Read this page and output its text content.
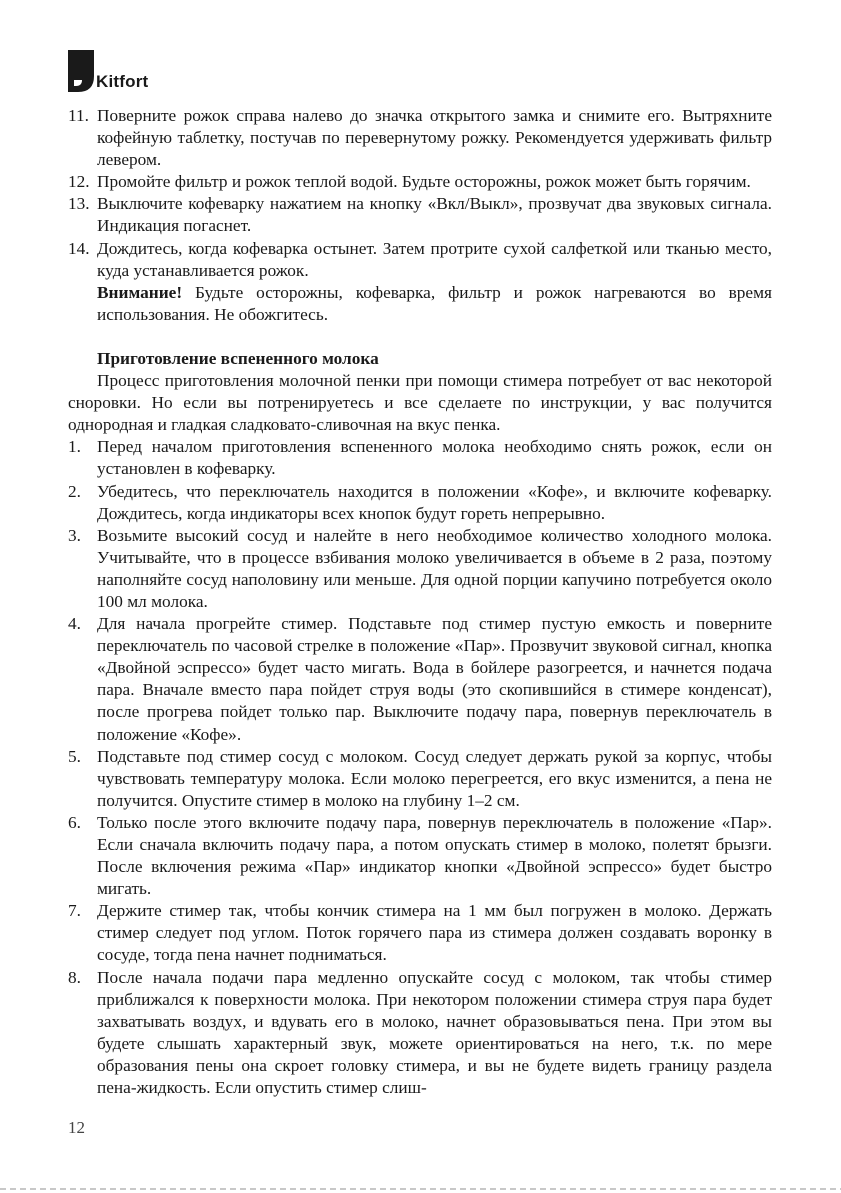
Kitfort
11. Поверните рожок справа налево до значка открытого замка и снимите его. Вытряхните кофейную таблетку, постучав по перевернутому рожку. Рекомендуется удерживать фильтр левером.
12. Промойте фильтр и рожок теплой водой. Будьте осторожны, рожок может быть горячим.
13. Выключите кофеварку нажатием на кнопку «Вкл/Выкл», прозвучат два звуковых сигнала. Индикация погаснет.
14. Дождитесь, когда кофеварка остынет. Затем протрите сухой салфеткой или тканью место, куда устанавливается рожок.
Внимание! Будьте осторожны, кофеварка, фильтр и рожок нагреваются во время использования. Не обожгитесь.
Приготовление вспененного молока
Процесс приготовления молочной пенки при помощи стимера потребует от вас некоторой сноровки. Но если вы потренируетесь и все сделаете по инструкции, у вас получится однородная и гладкая сладковато-сливочная на вкус пенка.
1. Перед началом приготовления вспененного молока необходимо снять рожок, если он установлен в кофеварку.
2. Убедитесь, что переключатель находится в положении «Кофе», и включите кофеварку. Дождитесь, когда индикаторы всех кнопок будут гореть непрерывно.
3. Возьмите высокий сосуд и налейте в него необходимое количество холодного молока. Учитывайте, что в процессе взбивания молоко увеличивается в объеме в 2 раза, поэтому наполняйте сосуд наполовину или меньше. Для одной порции капучино потребуется около 100 мл молока.
4. Для начала прогрейте стимер. Подставьте под стимер пустую емкость и поверните переключатель по часовой стрелке в положение «Пар». Прозвучит звуковой сигнал, кнопка «Двойной эспрессо» будет часто мигать. Вода в бойлере разогреется, и начнется подача пара. Вначале вместо пара пойдет струя воды (это скопившийся в стимере конденсат), после прогрева пойдет только пар. Выключите подачу пара, повернув переключатель в положение «Кофе».
5. Подставьте под стимер сосуд с молоком. Сосуд следует держать рукой за корпус, чтобы чувствовать температуру молока. Если молоко перегреется, его вкус изменится, а пена не получится. Опустите стимер в молоко на глубину 1–2 см.
6. Только после этого включите подачу пара, повернув переключатель в положение «Пар». Если сначала включить подачу пара, а потом опускать стимер в молоко, полетят брызги. После включения режима «Пар» индикатор кнопки «Двойной эспрессо» будет быстро мигать.
7. Держите стимер так, чтобы кончик стимера на 1 мм был погружен в молоко. Держать стимер следует под углом. Поток горячего пара из стимера должен создавать воронку в сосуде, тогда пена начнет подниматься.
8. После начала подачи пара медленно опускайте сосуд с молоком, так чтобы стимер приближался к поверхности молока. При некотором положении стимера струя пара будет захватывать воздух, и вдувать его в молоко, начнет образовываться пена. При этом вы будете слышать характерный звук, можете ориентироваться на него, т.к. по мере образования пены она скроет головку стимера, и вы не будете видеть границу раздела пена-жидкость. Если опустить стимер слиш-
12
